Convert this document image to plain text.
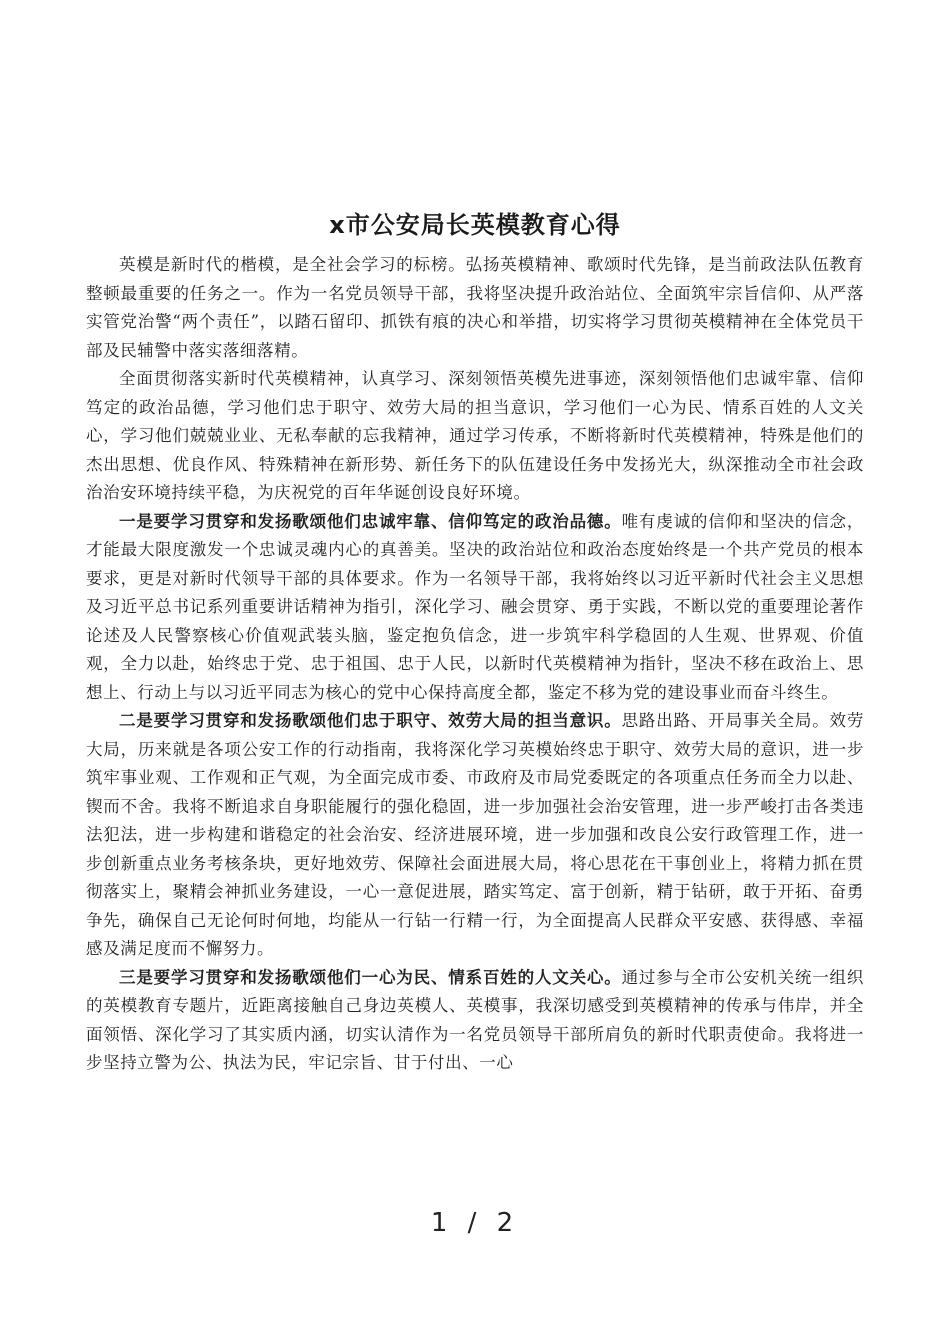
x市公安局长英模教育心得

英模是新时代的楷模，是全社会学习的标榜。弘扬英模精神、歌颂时代先锋，是当前政法队伍教育整顿最重要的任务之一。作为一名党员领导干部，我将坚决提升政治站位、全面筑牢宗旨信仰、从严落实管党治警“两个责任”，以踏石留印、抓铁有痕的决心和举措，切实将学习贯彻英模精神在全体党员干部及民辅警中落实落细落精。

全面贯彻落实新时代英模精神，认真学习、深刻领悟英模先进事迹，深刻领悟他们忠诚牢靠、信仰笃定的政治品德，学习他们忠于职守、效劳大局的担当意识，学习他们一心为民、情系百姓的人文关心，学习他们兢兢业业、无私奉献的忘我精神，通过学习传承，不断将新时代英模精神，特殊是他们的杰出思想、优良作风、特殊精神在新形势、新任务下的队伍建设任务中发扬光大，纵深推动全市社会政治治安环境持续平稳，为庆祝党的百年华诞创设良好环境。

一是要学习贯穿和发扬歌颂他们忠诚牢靠、信仰笃定的政治品德。唯有虔诚的信仰和坚决的信念，才能最大限度激发一个忠诚灵魂内心的真善美。坚决的政治站位和政治态度始终是一个共产党员的根本要求，更是对新时代领导干部的具体要求。作为一名领导干部，我将始终以习近平新时代社会主义思想及习近平总书记系列重要讲话精神为指引，深化学习、融会贯穿、勇于实践，不断以党的重要理论著作论述及人民警察核心价值观武装头脑，鉴定抱负信念，进一步筑牢科学稳固的人生观、世界观、价值观，全力以赴，始终忠于党、忠于祖国、忠于人民，以新时代英模精神为指针，坚决不移在政治上、思想上、行动上与以习近平同志为核心的党中心保持高度全都，鉴定不移为党的建设事业而奋斗终生。

二是要学习贯穿和发扬歌颂他们忠于职守、效劳大局的担当意识。思路出路、开局事关全局。效劳大局，历来就是各项公安工作的行动指南，我将深化学习英模始终忠于职守、效劳大局的意识，进一步筑牢事业观、工作观和正气观，为全面完成市委、市政府及市局党委既定的各项重点任务而全力以赴、锲而不舍。我将不断追求自身职能履行的强化稳固，进一步加强社会治安管理，进一步严峻打击各类违法犯法，进一步构建和谐稳定的社会治安、经济进展环境，进一步加强和改良公安行政管理工作，进一步创新重点业务考核条块，更好地效劳、保障社会面进展大局，将心思花在干事创业上，将精力抓在贯彻落实上，聚精会神抓业务建设，一心一意促进展，踏实笃定、富于创新，精于钻研，敢于开拓、奋勇争先，确保自己无论何时何地，均能从一行钻一行精一行，为全面提高人民群众平安感、获得感、幸福感及满足度而不懈努力。

三是要学习贯穿和发扬歌颂他们一心为民、情系百姓的人文关心。通过参与全市公安机关统一组织的英模教育专题片，近距离接触自己身边英模人、英模事，我深切感受到英模精神的传承与伟岸，并全面领悟、深化学习了其实质内涵，切实认清作为一名党员领导干部所肩负的新时代职责使命。我将进一步坚持立警为公、执法为民，牢记宗旨、甘于付出、一心

1 / 2
